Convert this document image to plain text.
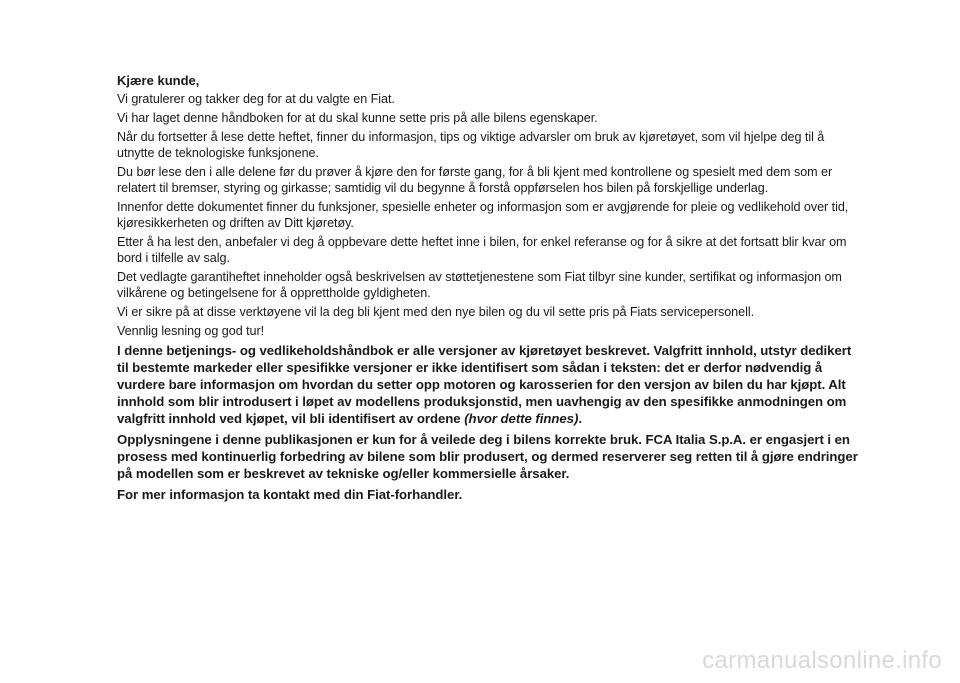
Kjære kunde,

Vi gratulerer og takker deg for at du valgte en Fiat.

Vi har laget denne håndboken for at du skal kunne sette pris på alle bilens egenskaper.

Når du fortsetter å lese dette heftet, finner du informasjon, tips og viktige advarsler om bruk av kjøretøyet, som vil hjelpe deg til å utnytte de teknologiske funksjonene.

Du bør lese den i alle delene før du prøver å kjøre den for første gang, for å bli kjent med kontrollene og spesielt med dem som er relatert til bremser, styring og girkasse; samtidig vil du begynne å forstå oppførselen hos bilen på forskjellige underlag.

Innenfor dette dokumentet finner du funksjoner, spesielle enheter og informasjon som er avgjørende for pleie og vedlikehold over tid, kjøresikkerheten og driften av Ditt kjøretøy.

Etter å ha lest den, anbefaler vi deg å oppbevare dette heftet inne i bilen, for enkel referanse og for å sikre at det fortsatt blir kvar om bord i tilfelle av salg.

Det vedlagte garantiheftet inneholder også beskrivelsen av støttetjenestene som Fiat tilbyr sine kunder, sertifikat og informasjon om vilkårene og betingelsene for å opprettholde gyldigheten.

Vi er sikre på at disse verktøyene vil la deg bli kjent med den nye bilen og du vil sette pris på Fiats servicepersonell.

Vennlig lesning og god tur!

I denne betjenings- og vedlikeholdshåndbok er alle versjoner av kjøretøyet beskrevet. Valgfritt innhold, utstyr dedikert til bestemte markeder eller spesifikke versjoner er ikke identifisert som sådan i teksten: det er derfor nødvendig å vurdere bare informasjon om hvordan du setter opp motoren og karosserien for den versjon av bilen du har kjøpt. Alt innhold som blir introdusert i løpet av modellens produksjonstid, men uavhengig av den spesifikke anmodningen om valgfritt innhold ved kjøpet, vil bli identifisert av ordene (hvor dette finnes).

Opplysningene i denne publikasjonen er kun for å veilede deg i bilens korrekte bruk. FCA Italia S.p.A. er engasjert i en prosess med kontinuerlig forbedring av bilene som blir produsert, og dermed reserverer seg retten til å gjøre endringer på modellen som er beskrevet av tekniske og/eller kommersielle årsaker.

For mer informasjon ta kontakt med din Fiat-forhandler.

carmanualsonline.info
